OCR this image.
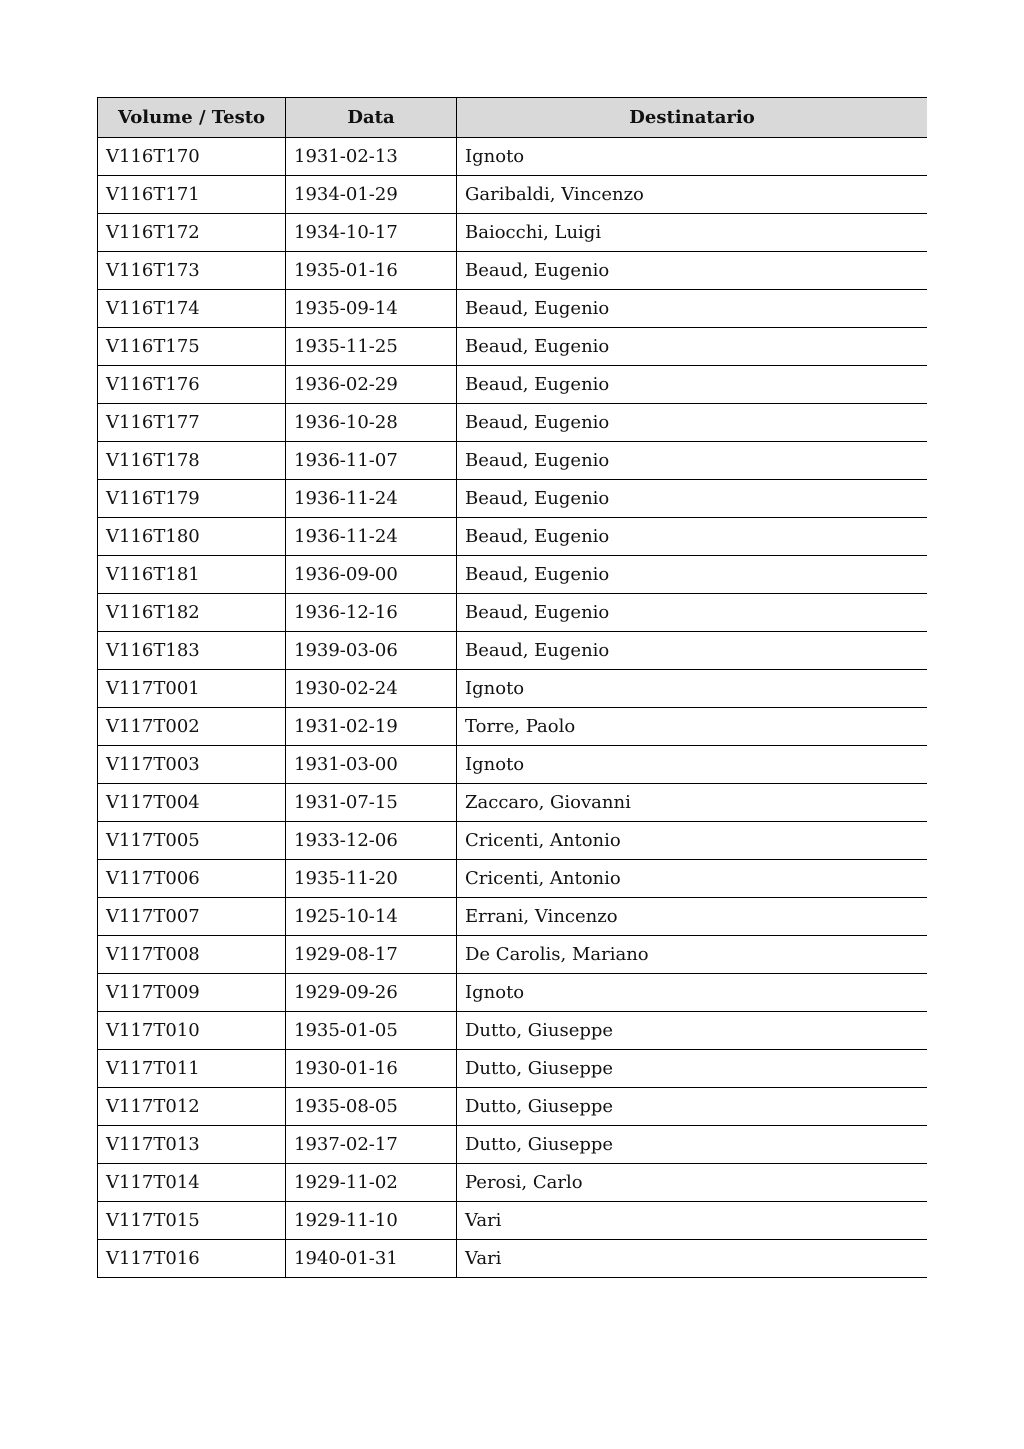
Volume / Testo	Data	Destinatario
V116T170	1931-02-13	Ignoto
V116T171	1934-01-29	Garibaldi, Vincenzo
V116T172	1934-10-17	Baiocchi, Luigi
V116T173	1935-01-16	Beaud, Eugenio
V116T174	1935-09-14	Beaud, Eugenio
V116T175	1935-11-25	Beaud, Eugenio
V116T176	1936-02-29	Beaud, Eugenio
V116T177	1936-10-28	Beaud, Eugenio
V116T178	1936-11-07	Beaud, Eugenio
V116T179	1936-11-24	Beaud, Eugenio
V116T180	1936-11-24	Beaud, Eugenio
V116T181	1936-09-00	Beaud, Eugenio
V116T182	1936-12-16	Beaud, Eugenio
V116T183	1939-03-06	Beaud, Eugenio
V117T001	1930-02-24	Ignoto
V117T002	1931-02-19	Torre, Paolo
V117T003	1931-03-00	Ignoto
V117T004	1931-07-15	Zaccaro, Giovanni
V117T005	1933-12-06	Cricenti, Antonio
V117T006	1935-11-20	Cricenti, Antonio
V117T007	1925-10-14	Errani, Vincenzo
V117T008	1929-08-17	De Carolis, Mariano
V117T009	1929-09-26	Ignoto
V117T010	1935-01-05	Dutto, Giuseppe
V117T011	1930-01-16	Dutto, Giuseppe
V117T012	1935-08-05	Dutto, Giuseppe
V117T013	1937-02-17	Dutto, Giuseppe
V117T014	1929-11-02	Perosi, Carlo
V117T015	1929-11-10	Vari
V117T016	1940-01-31	Vari
